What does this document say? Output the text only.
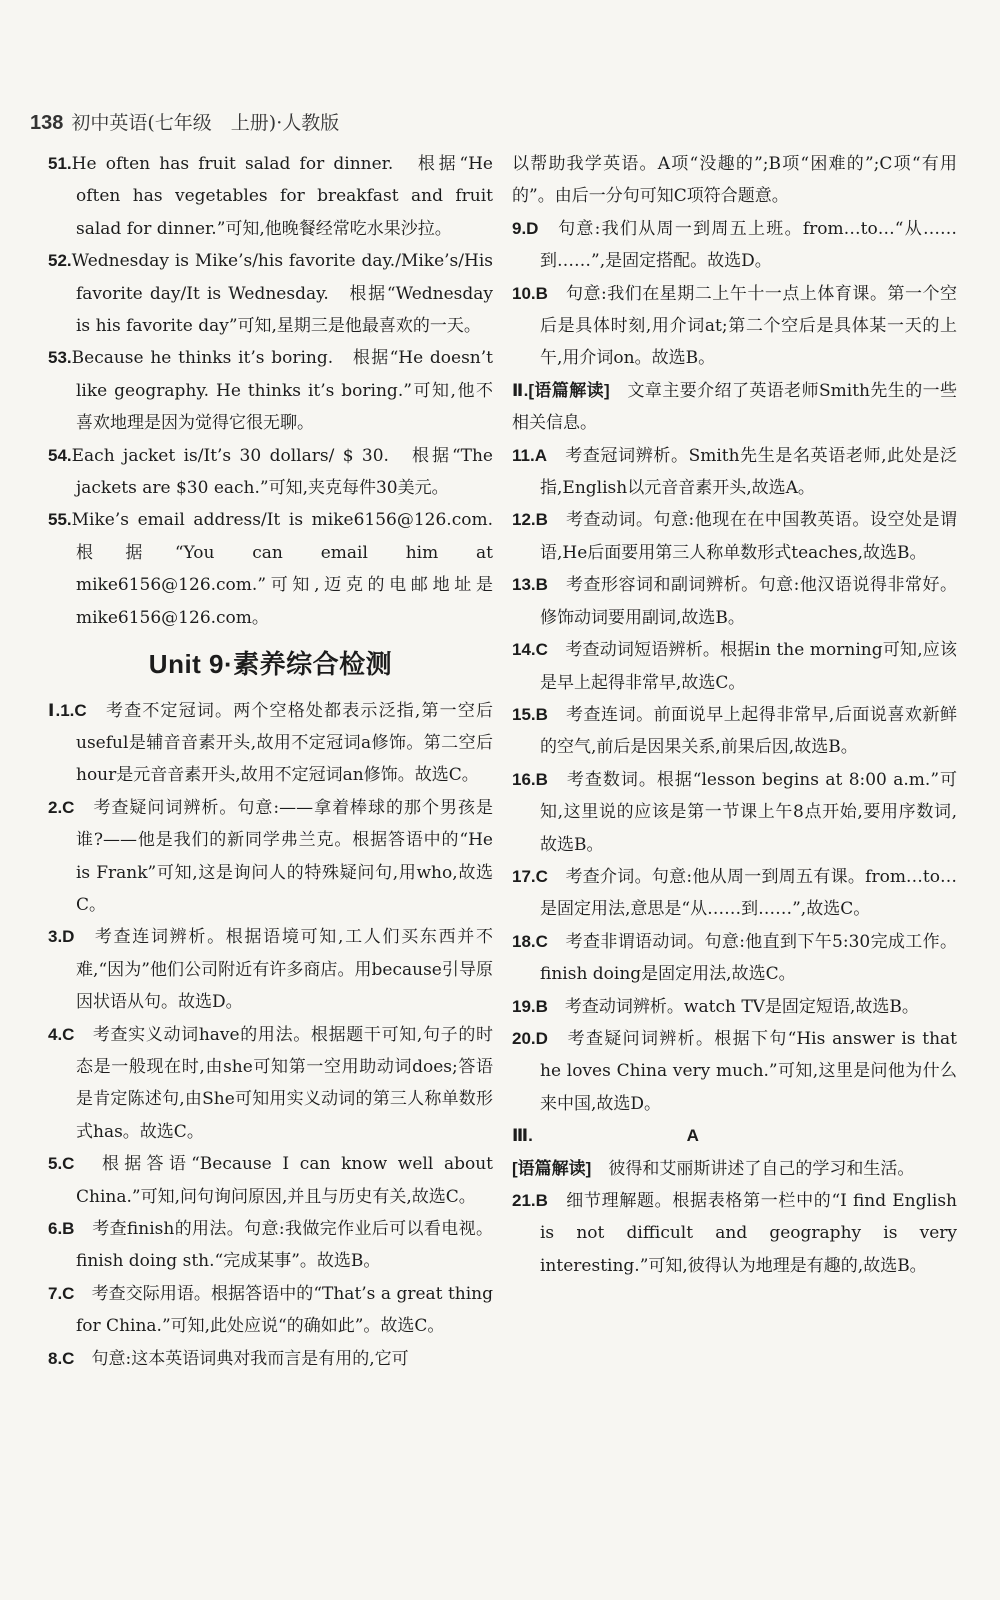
138 初中英语(七年级　上册)·人教版
51.He often has fruit salad for dinner.　根据“He often has vegetables for breakfast and fruit salad for dinner.”可知,他晚餐经常吃水果沙拉。
52.Wednesday is Mike’s/his favorite day./Mike’s/His favorite day/It is Wednesday.　根据“Wednesday is his favorite day”可知,星期三是他最喜欢的一天。
53.Because he thinks it’s boring.　根据“He doesn’t like geography. He thinks it’s boring.”可知,他不喜欢地理是因为觉得它很无聊。
54.Each jacket is/It’s 30 dollars/ $ 30.　根据“The jackets are $30 each.”可知,夹克每件30美元。
55.Mike’s email address/It is mike6156@126.com.　根据“You can email him at mike6156@126.com.”可知,迈克的电邮地址是mike6156@126.com。
Unit 9·素养综合检测
Ⅰ.1.C　 考查不定冠词。两个空格处都表示泛指,第一空后useful是辅音音素开头,故用不定冠词a修饰。第二空后hour是元音音素开头,故用不定冠词an修饰。故选C。
2.C　 考查疑问词辨析。句意:——拿着棒球的那个男孩是谁?——他是我们的新同学弗兰克。根据答语中的“He is Frank”可知,这是询问人的特殊疑问句,用who,故选C。
3.D　 考查连词辨析。根据语境可知,工人们买东西并不难,“因为”他们公司附近有许多商店。用because引导原因状语从句。故选D。
4.C　 考查实义动词have的用法。根据题干可知,句子的时态是一般现在时,由she可知第一空用助动词does;答语是肯定陈述句,由She可知用实义动词的第三人称单数形式has。故选C。
5.C　 根据答语“Because I can know well about China.”可知,问句询问原因,并且与历史有关,故选C。
6.B　 考查finish的用法。句意:我做完作业后可以看电视。finish doing sth.“完成某事”。故选B。
7.C　 考查交际用语。根据答语中的“That’s a great thing for China.”可知,此处应说“的确如此”。故选C。
8.C　 句意:这本英语词典对我而言是有用的,它可
以帮助我学英语。A项“没趣的”;B项“困难的”;C项“有用的”。由后一分句可知C项符合题意。
9.D　 句意:我们从周一到周五上班。from…to…“从……到……”,是固定搭配。故选D。
10.B　 句意:我们在星期二上午十一点上体育课。第一个空后是具体时刻,用介词at;第二个空后是具体某一天的上午,用介词on。故选B。
Ⅱ.[语篇解读]　 文章主要介绍了英语老师Smith先生的一些相关信息。
11.A　 考查冠词辨析。Smith先生是名英语老师,此处是泛指,English以元音音素开头,故选A。
12.B　 考查动词。句意:他现在在中国教英语。设空处是谓语,He后面要用第三人称单数形式teaches,故选B。
13.B　 考查形容词和副词辨析。句意:他汉语说得非常好。修饰动词要用副词,故选B。
14.C　 考查动词短语辨析。根据in the morning可知,应该是早上起得非常早,故选C。
15.B　 考查连词。前面说早上起得非常早,后面说喜欢新鲜的空气,前后是因果关系,前果后因,故选B。
16.B　 考查数词。根据“lesson begins at 8:00 a.m.”可知,这里说的应该是第一节课上午8点开始,要用序数词,故选B。
17.C　 考查介词。句意:他从周一到周五有课。from…to…是固定用法,意思是“从……到……”,故选C。
18.C　 考查非谓语动词。句意:他直到下午5:30完成工作。finish doing是固定用法,故选C。
19.B　 考查动词辨析。watch TV是固定短语,故选B。
20.D　 考查疑问词辨析。根据下句“His answer is that he loves China very much.”可知,这里是问他为什么来中国,故选D。
Ⅲ.	A
[语篇解读]　 彼得和艾丽斯讲述了自己的学习和生活。
21.B　 细节理解题。根据表格第一栏中的“I find English is not difficult and geography is very interesting.”可知,彼得认为地理是有趣的,故选B。
